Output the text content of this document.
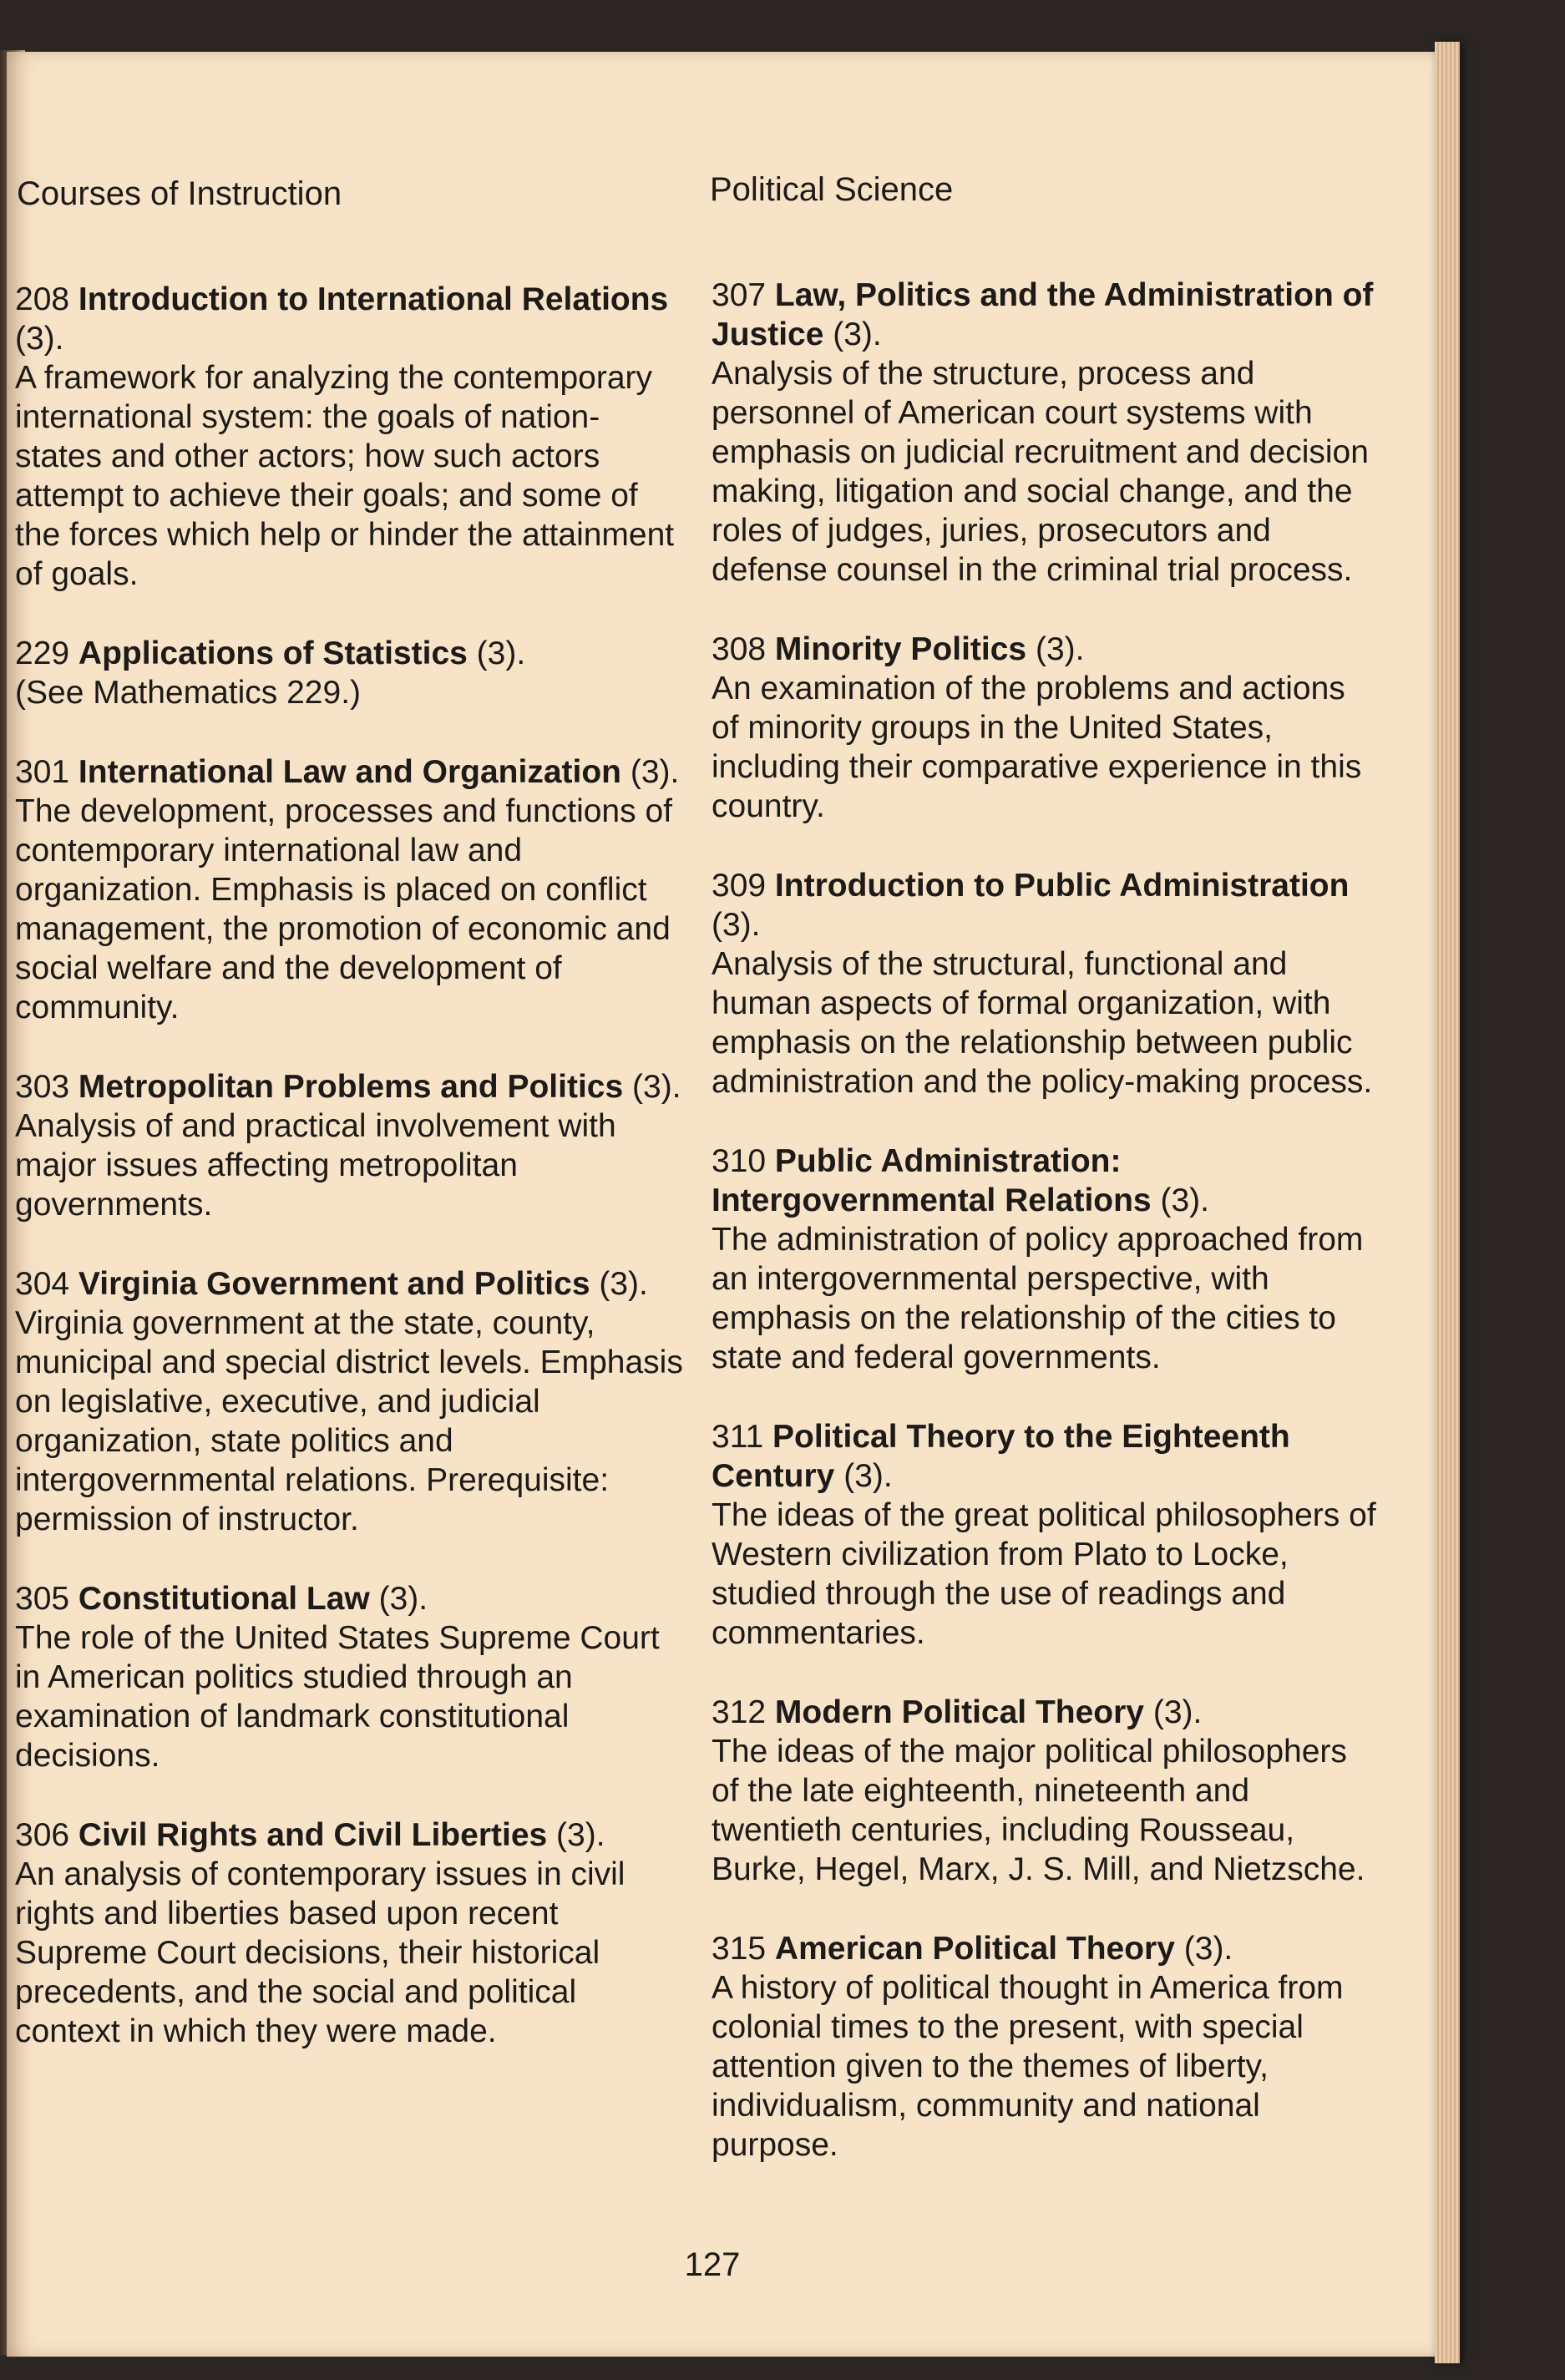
Courses of Instruction	Political Science

208 Introduction to International Relations (3).
A framework for analyzing the contemporary international system: the goals of nation-states and other actors; how such actors attempt to achieve their goals; and some of the forces which help or hinder the attainment of goals.

229 Applications of Statistics (3).
(See Mathematics 229.)

301 International Law and Organization (3).
The development, processes and functions of contemporary international law and organization. Emphasis is placed on conflict management, the promotion of economic and social welfare and the development of community.

303 Metropolitan Problems and Politics (3).
Analysis of and practical involvement with major issues affecting metropolitan governments.

304 Virginia Government and Politics (3).
Virginia government at the state, county, municipal and special district levels. Emphasis on legislative, executive, and judicial organization, state politics and intergovernmental relations. Prerequisite: permission of instructor.

305 Constitutional Law (3).
The role of the United States Supreme Court in American politics studied through an examination of landmark constitutional decisions.

306 Civil Rights and Civil Liberties (3).
An analysis of contemporary issues in civil rights and liberties based upon recent Supreme Court decisions, their historical precedents, and the social and political context in which they were made.

307 Law, Politics and the Administration of Justice (3).
Analysis of the structure, process and personnel of American court systems with emphasis on judicial recruitment and decision making, litigation and social change, and the roles of judges, juries, prosecutors and defense counsel in the criminal trial process.

308 Minority Politics (3).
An examination of the problems and actions of minority groups in the United States, including their comparative experience in this country.

309 Introduction to Public Administration (3).
Analysis of the structural, functional and human aspects of formal organization, with emphasis on the relationship between public administration and the policy-making process.

310 Public Administration: Intergovernmental Relations (3).
The administration of policy approached from an intergovernmental perspective, with emphasis on the relationship of the cities to state and federal governments.

311 Political Theory to the Eighteenth Century (3).
The ideas of the great political philosophers of Western civilization from Plato to Locke, studied through the use of readings and commentaries.

312 Modern Political Theory (3).
The ideas of the major political philosophers of the late eighteenth, nineteenth and twentieth centuries, including Rousseau, Burke, Hegel, Marx, J. S. Mill, and Nietzsche.

315 American Political Theory (3).
A history of political thought in America from colonial times to the present, with special attention given to the themes of liberty, individualism, community and national purpose.

127
